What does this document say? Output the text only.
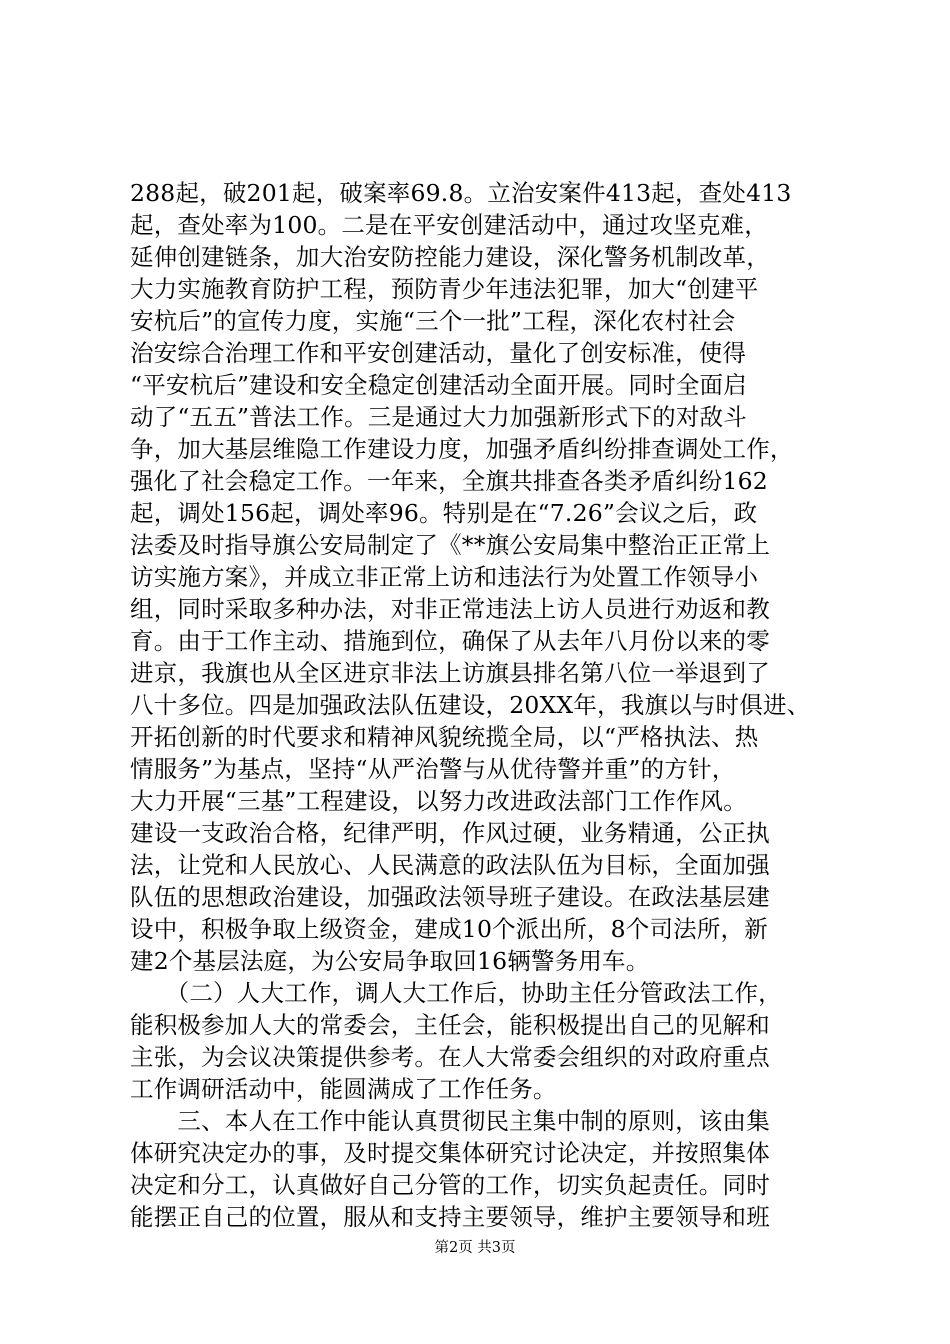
288起，破201起，破案率69.8。立治安案件413起，查处413
起，查处率为100。二是在平安创建活动中，通过攻坚克难，
延伸创建链条，加大治安防控能力建设，深化警务机制改革，
大力实施教育防护工程，预防青少年违法犯罪，加大“创建平
安杭后”的宣传力度，实施“三个一批”工程，深化农村社会
治安综合治理工作和平安创建活动，量化了创安标准，使得
“平安杭后”建设和安全稳定创建活动全面开展。同时全面启
动了“五五”普法工作。三是通过大力加强新形式下的对敌斗
争，加大基层维隐工作建设力度，加强矛盾纠纷排查调处工作，
强化了社会稳定工作。一年来，全旗共排查各类矛盾纠纷162
起，调处156起，调处率96。特别是在“7.26”会议之后，政
法委及时指导旗公安局制定了《**旗公安局集中整治正正常上
访实施方案》，并成立非正常上访和违法行为处置工作领导小
组，同时采取多种办法，对非正常违法上访人员进行劝返和教
育。由于工作主动、措施到位，确保了从去年八月份以来的零
进京，我旗也从全区进京非法上访旗县排名第八位一举退到了
八十多位。四是加强政法队伍建设，20XX年，我旗以与时俱进、
开拓创新的时代要求和精神风貌统揽全局，以“严格执法、热
情服务”为基点，坚持“从严治警与从优待警并重”的方针，
大力开展“三基”工程建设，以努力改进政法部门工作作风。
建设一支政治合格，纪律严明，作风过硬，业务精通，公正执
法，让党和人民放心、人民满意的政法队伍为目标，全面加强
队伍的思想政治建设，加强政法领导班子建设。在政法基层建
设中，积极争取上级资金，建成10个派出所，8个司法所，新
建2个基层法庭，为公安局争取回16辆警务用车。
　　（二）人大工作，调人大工作后，协助主任分管政法工作，
能积极参加人大的常委会，主任会，能积极提出自己的见解和
主张，为会议决策提供参考。在人大常委会组织的对政府重点
工作调研活动中，能圆满成了工作任务。
　　三、本人在工作中能认真贯彻民主集中制的原则，该由集
体研究决定办的事，及时提交集体研究讨论决定，并按照集体
决定和分工，认真做好自己分管的工作，切实负起责任。同时
能摆正自己的位置，服从和支持主要领导，维护主要领导和班
第2页 共3页
